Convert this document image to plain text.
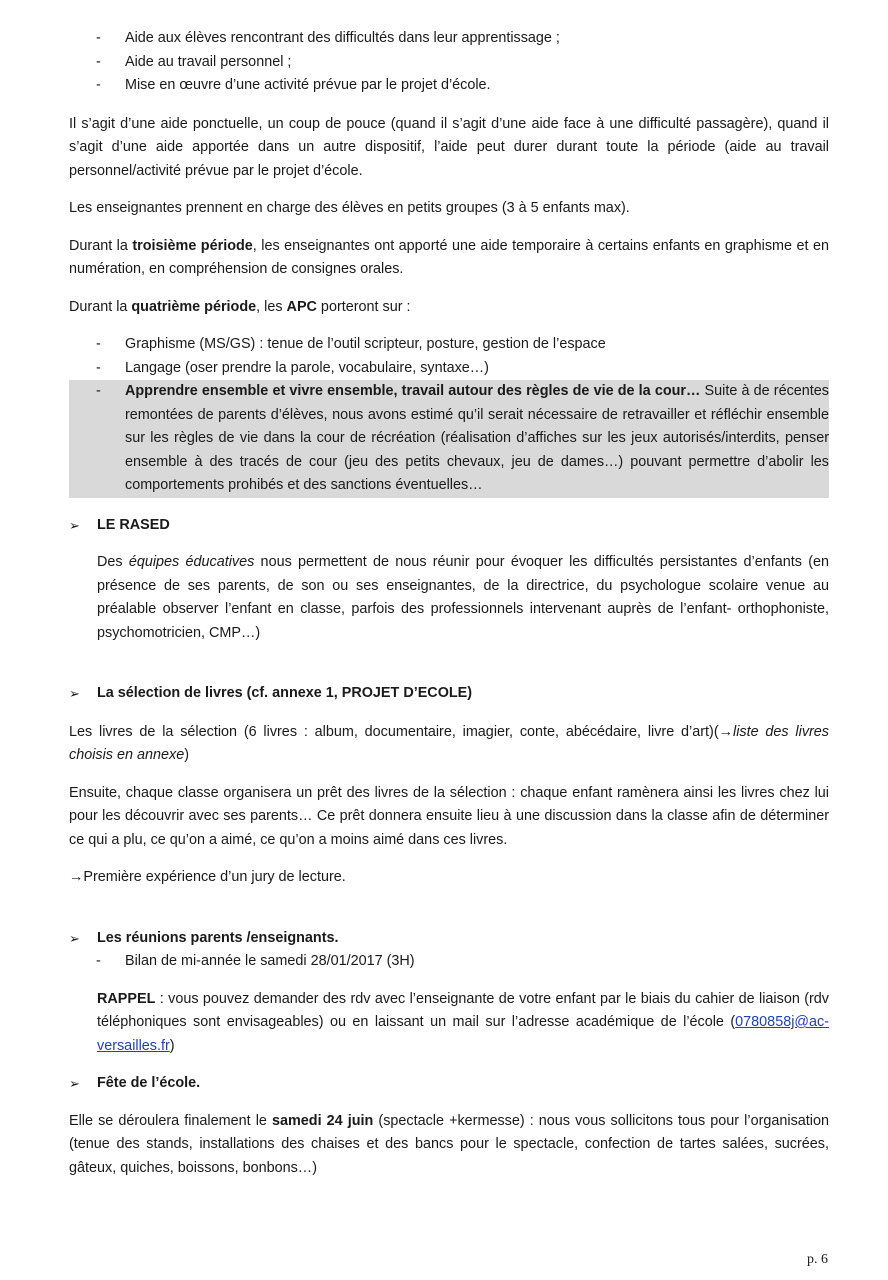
- Aide aux élèves rencontrant des difficultés dans leur apprentissage ;
- Aide au travail personnel ;
- Mise en œuvre d’une activité prévue par le projet d’école.

Il s’agit d’une aide ponctuelle, un coup de pouce (quand il s’agit d’une aide face à une difficulté passagère), quand il s’agit d’une aide apportée dans un autre dispositif, l’aide peut durer durant toute la période (aide au travail personnel/activité prévue par le projet d’école.

Les enseignantes prennent en charge des élèves en petits groupes (3 à 5 enfants max).

Durant la troisième période, les enseignantes ont apporté une aide temporaire à certains enfants en graphisme et en numération, en compréhension de consignes orales.

Durant la quatrième période, les APC porteront sur :

- Graphisme (MS/GS) : tenue de l’outil scripteur, posture, gestion de l’espace
- Langage (oser prendre la parole, vocabulaire, syntaxe…)
- Apprendre ensemble et vivre ensemble, travail autour des règles de vie de la cour… Suite à de récentes remontées de parents d’élèves, nous avons estimé qu’il serait nécessaire de retravailler et réfléchir ensemble sur les règles de vie dans la cour de récréation (réalisation d’affiches sur les jeux autorisés/interdits, penser ensemble à des tracés de cour (jeu des petits chevaux, jeu de dames…) pouvant permettre d’abolir les comportements prohibés et des sanctions éventuelles…
➢ LE RASED

Des équipes éducatives nous permettent de nous réunir pour évoquer les difficultés persistantes d’enfants (en présence de ses parents, de son ou ses enseignantes, de la directrice, du psychologue scolaire venue au préalable observer l’enfant en classe, parfois des professionnels intervenant auprès de l’enfant- orthophoniste, psychomotricien, CMP…)

➢ La sélection de livres (cf. annexe 1, PROJET D’ECOLE)

Les livres de la sélection (6 livres : album, documentaire, imagier, conte, abécédaire, livre d’art)(→liste des livres choisis en annexe)

Ensuite, chaque classe organisera un prêt des livres de la sélection : chaque enfant ramènera ainsi les livres chez lui pour les découvrir avec ses parents… Ce prêt donnera ensuite lieu à une discussion dans la classe afin de déterminer ce qui a plu, ce qu’on a aimé, ce qu’on a moins aimé dans ces livres.

→Première expérience d’un jury de lecture.

➢ Les réunions parents /enseignants.
- Bilan de mi-année le samedi 28/01/2017 (3H)

RAPPEL : vous pouvez demander des rdv avec l’enseignante de votre enfant par le biais du cahier de liaison (rdv téléphoniques sont envisageables) ou en laissant un mail sur l’adresse académique de l’école (0780858j@ac-versailles.fr)

➢ Fête de l’école.

Elle se déroulera finalement le samedi 24 juin (spectacle +kermesse) : nous vous sollicitons tous pour l’organisation (tenue des stands, installations des chaises et des bancs pour le spectacle, confection de tartes salées, sucrées, gâteux, quiches, boissons, bonbons…)

p. 6
